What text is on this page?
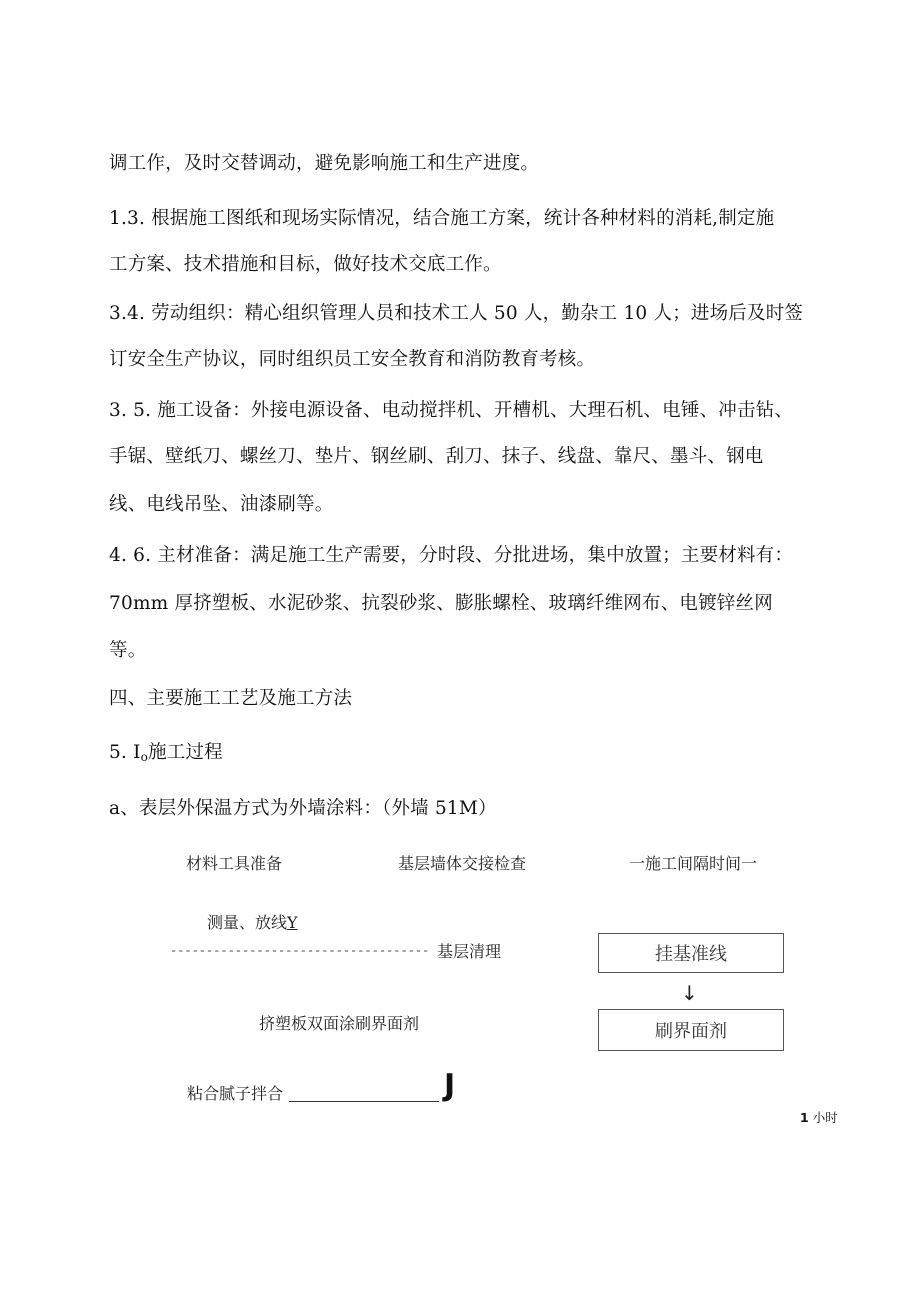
调工作，及时交替调动，避免影响施工和生产进度。
1.3. 根据施工图纸和现场实际情况，结合施工方案，统计各种材料的消耗,制定施
工方案、技术措施和目标，做好技术交底工作。
3.4. 劳动组织：精心组织管理人员和技术工人 50 人，勤杂工 10 人；进场后及时签
订安全生产协议，同时组织员工安全教育和消防教育考核。
3. 5. 施工设备：外接电源设备、电动搅拌机、开槽机、大理石机、电锤、冲击钻、
手锯、壁纸刀、螺丝刀、垫片、钢丝刷、刮刀、抹子、线盘、靠尺、墨斗、钢电
线、电线吊坠、油漆刷等。
4. 6. 主材准备：满足施工生产需要，分时段、分批进场，集中放置；主要材料有：
70mm 厚挤塑板、水泥砂浆、抗裂砂浆、膨胀螺栓、玻璃纤维网布、电镀锌丝网
等。
四、主要施工工艺及施工方法
5. Io施工过程
a、表层外保温方式为外墙涂料：（外墙 51M）
材料工具准备	基层墙体交接检查	一施工间隔时间一
测量、放线Y
------------------------------------ 基层清理	挂基准线
↓
刷界面剂
挤塑板双面涂刷界面剂
粘合腻子拌合	J
1 小时
